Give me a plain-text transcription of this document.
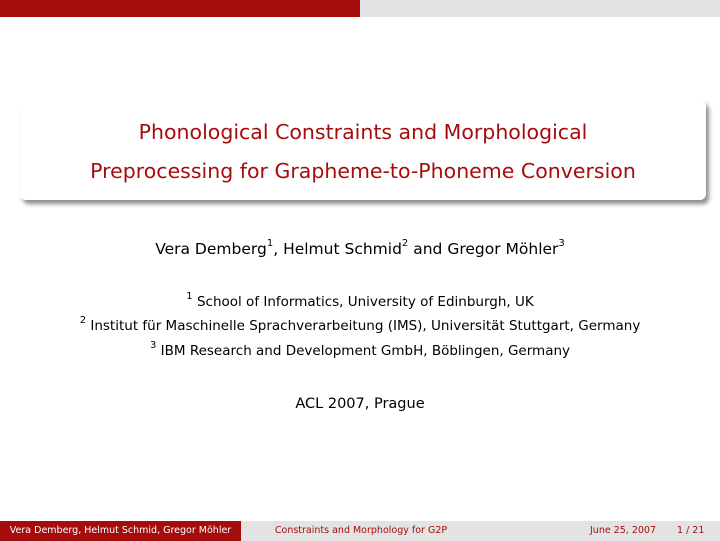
Phonological Constraints and Morphological
Preprocessing for Grapheme-to-Phoneme Conversion
Vera Demberg$^1$, Helmut Schmid$^2$ and Gregor Möhler$^3$
$^1$ School of Informatics, University of Edinburgh, UK
$^2$ Institut für Maschinelle Sprachverarbeitung (IMS), Universität Stuttgart, Germany
$^3$ IBM Research and Development GmbH, Böblingen, Germany
ACL 2007, Prague
Vera Demberg, Helmut Schmid, Gregor Möhler	Constraints and Morphology for G2P	June 25, 2007 1 / 21
